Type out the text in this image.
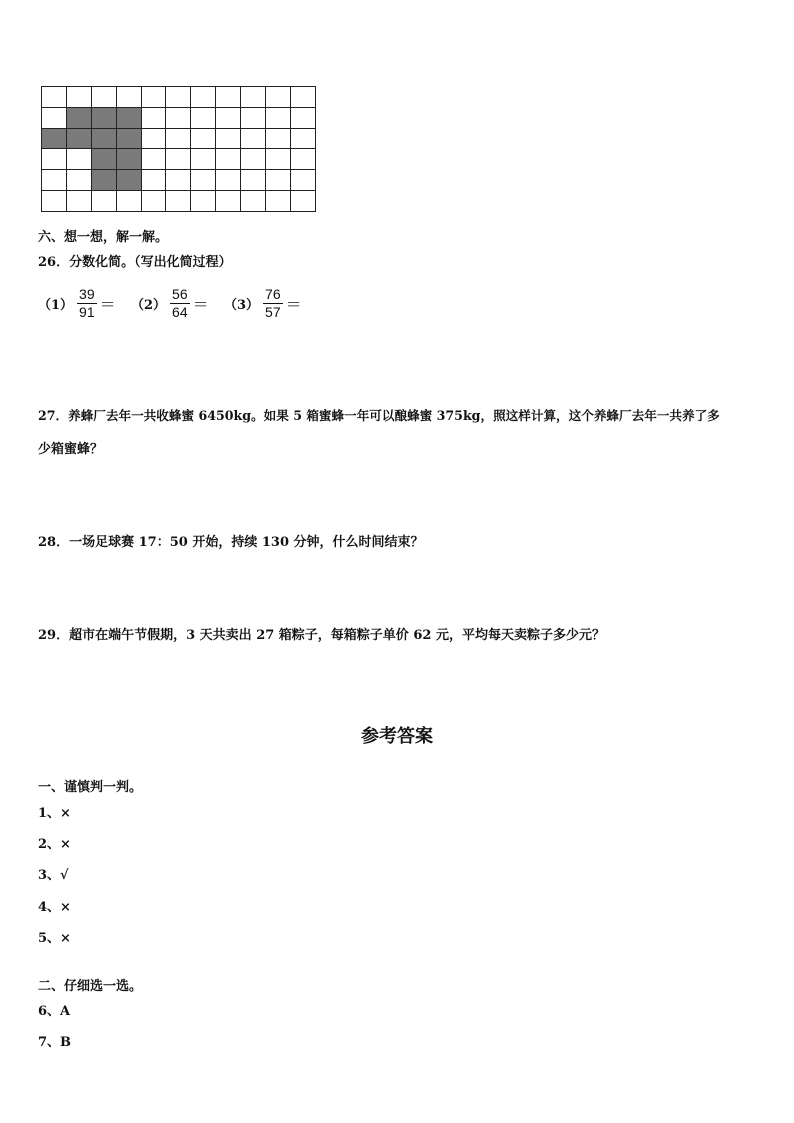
六、想一想，解一解。
26．分数化简。（写出化简过程）
$(1) \frac{39}{91} = (2) \frac{56}{64} = (3) \frac{76}{57}$ ＝
27．养蜂厂去年一共收蜂蜜 6450kg。如果 5 箱蜜蜂一年可以酿蜂蜜 375kg，照这样计算，这个养蜂厂去年一共养了多
少箱蜜蜂？
28．一场足球赛 17：50 开始，持续 130 分钟，什么时间结束？
29．超市在端午节假期，3 天共卖出 27 箱粽子，每箱粽子单价 62 元，平均每天卖粽子多少元？
参考答案
一、谨慎判一判。
1、×
2、×
3、√
4、×
5、×
二、仔细选一选。
6、A
7、B
